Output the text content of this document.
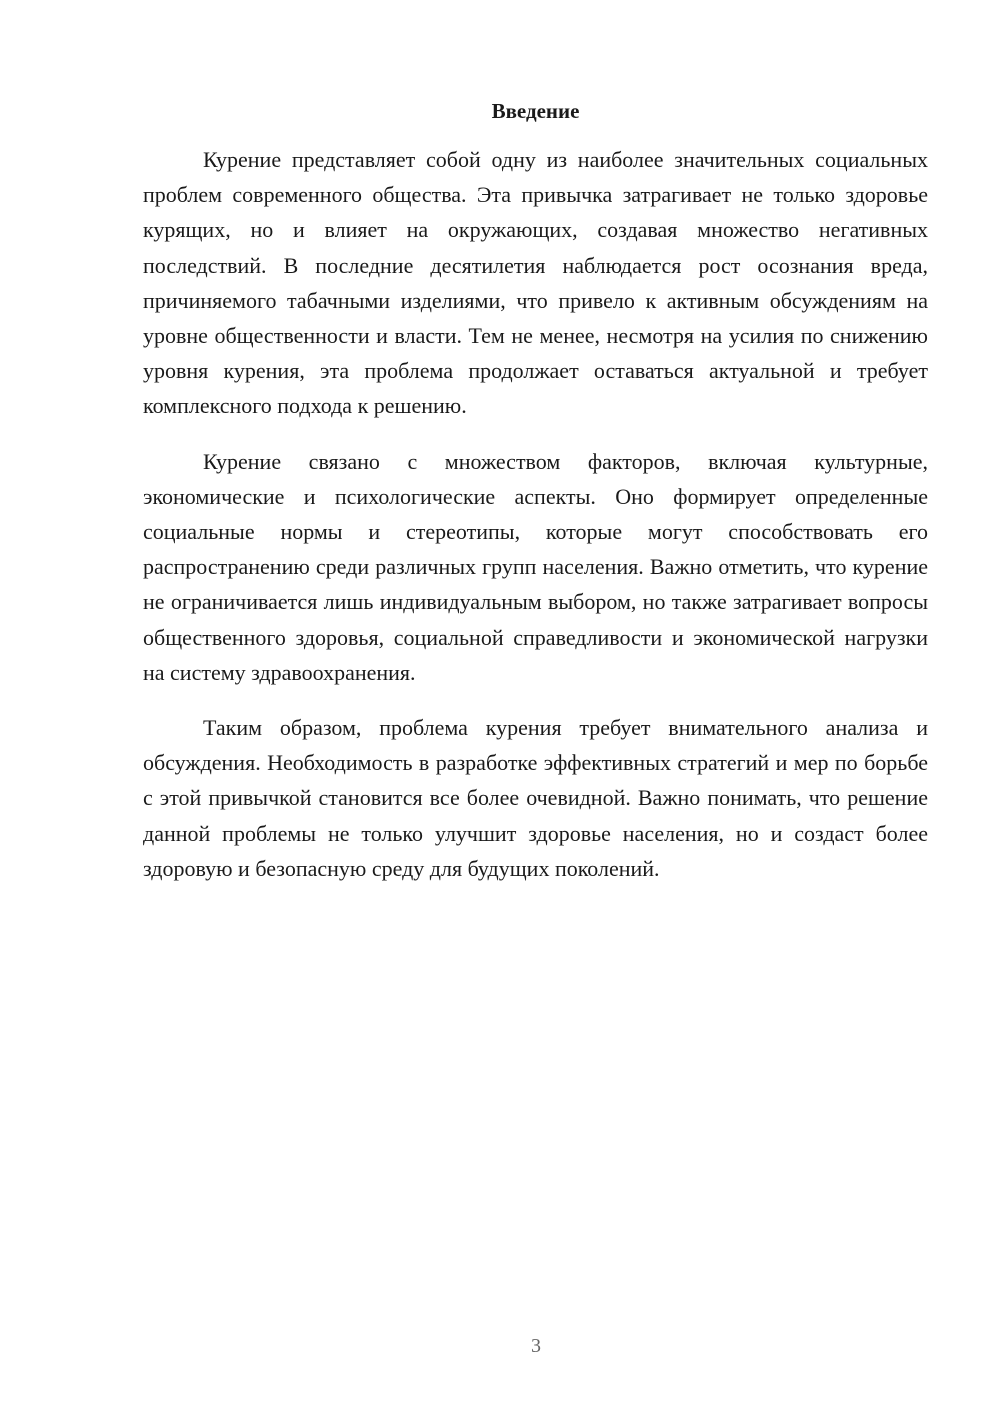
Введение

Курение представляет собой одну из наиболее значительных социальных проблем современного общества. Эта привычка затрагивает не только здоровье курящих, но и влияет на окружающих, создавая множество негативных последствий. В последние десятилетия наблюдается рост осознания вреда, причиняемого табачными изделиями, что привело к активным обсуждениям на уровне общественности и власти. Тем не менее, несмотря на усилия по снижению уровня курения, эта проблема продолжает оставаться актуальной и требует комплексного подхода к решению.

Курение связано с множеством факторов, включая культурные, экономические и психологические аспекты. Оно формирует определенные социальные нормы и стереотипы, которые могут способствовать его распространению среди различных групп населения. Важно отметить, что курение не ограничивается лишь индивидуальным выбором, но также затрагивает вопросы общественного здоровья, социальной справедливости и экономической нагрузки на систему здравоохранения.

Таким образом, проблема курения требует внимательного анализа и обсуждения. Необходимость в разработке эффективных стратегий и мер по борьбе с этой привычкой становится все более очевидной. Важно понимать, что решение данной проблемы не только улучшит здоровье населения, но и создаст более здоровую и безопасную среду для будущих поколений.

3
